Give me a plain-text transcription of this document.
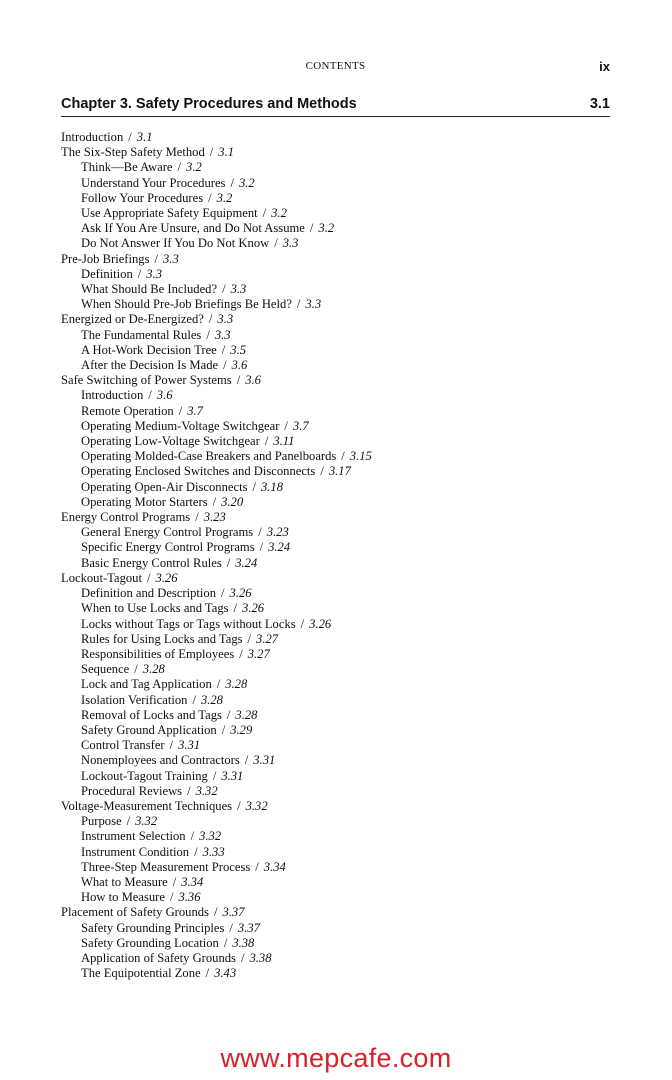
CONTENTS	ix
Chapter 3. Safety Procedures and Methods	3.1
Introduction / 3.1
The Six-Step Safety Method / 3.1
Think—Be Aware / 3.2
Understand Your Procedures / 3.2
Follow Your Procedures / 3.2
Use Appropriate Safety Equipment / 3.2
Ask If You Are Unsure, and Do Not Assume / 3.2
Do Not Answer If You Do Not Know / 3.3
Pre-Job Briefings / 3.3
Definition / 3.3
What Should Be Included? / 3.3
When Should Pre-Job Briefings Be Held? / 3.3
Energized or De-Energized? / 3.3
The Fundamental Rules / 3.3
A Hot-Work Decision Tree / 3.5
After the Decision Is Made / 3.6
Safe Switching of Power Systems / 3.6
Introduction / 3.6
Remote Operation / 3.7
Operating Medium-Voltage Switchgear / 3.7
Operating Low-Voltage Switchgear / 3.11
Operating Molded-Case Breakers and Panelboards / 3.15
Operating Enclosed Switches and Disconnects / 3.17
Operating Open-Air Disconnects / 3.18
Operating Motor Starters / 3.20
Energy Control Programs / 3.23
General Energy Control Programs / 3.23
Specific Energy Control Programs / 3.24
Basic Energy Control Rules / 3.24
Lockout-Tagout / 3.26
Definition and Description / 3.26
When to Use Locks and Tags / 3.26
Locks without Tags or Tags without Locks / 3.26
Rules for Using Locks and Tags / 3.27
Responsibilities of Employees / 3.27
Sequence / 3.28
Lock and Tag Application / 3.28
Isolation Verification / 3.28
Removal of Locks and Tags / 3.28
Safety Ground Application / 3.29
Control Transfer / 3.31
Nonemployees and Contractors / 3.31
Lockout-Tagout Training / 3.31
Procedural Reviews / 3.32
Voltage-Measurement Techniques / 3.32
Purpose / 3.32
Instrument Selection / 3.32
Instrument Condition / 3.33
Three-Step Measurement Process / 3.34
What to Measure / 3.34
How to Measure / 3.36
Placement of Safety Grounds / 3.37
Safety Grounding Principles / 3.37
Safety Grounding Location / 3.38
Application of Safety Grounds / 3.38
The Equipotential Zone / 3.43
www.mepcafe.com
